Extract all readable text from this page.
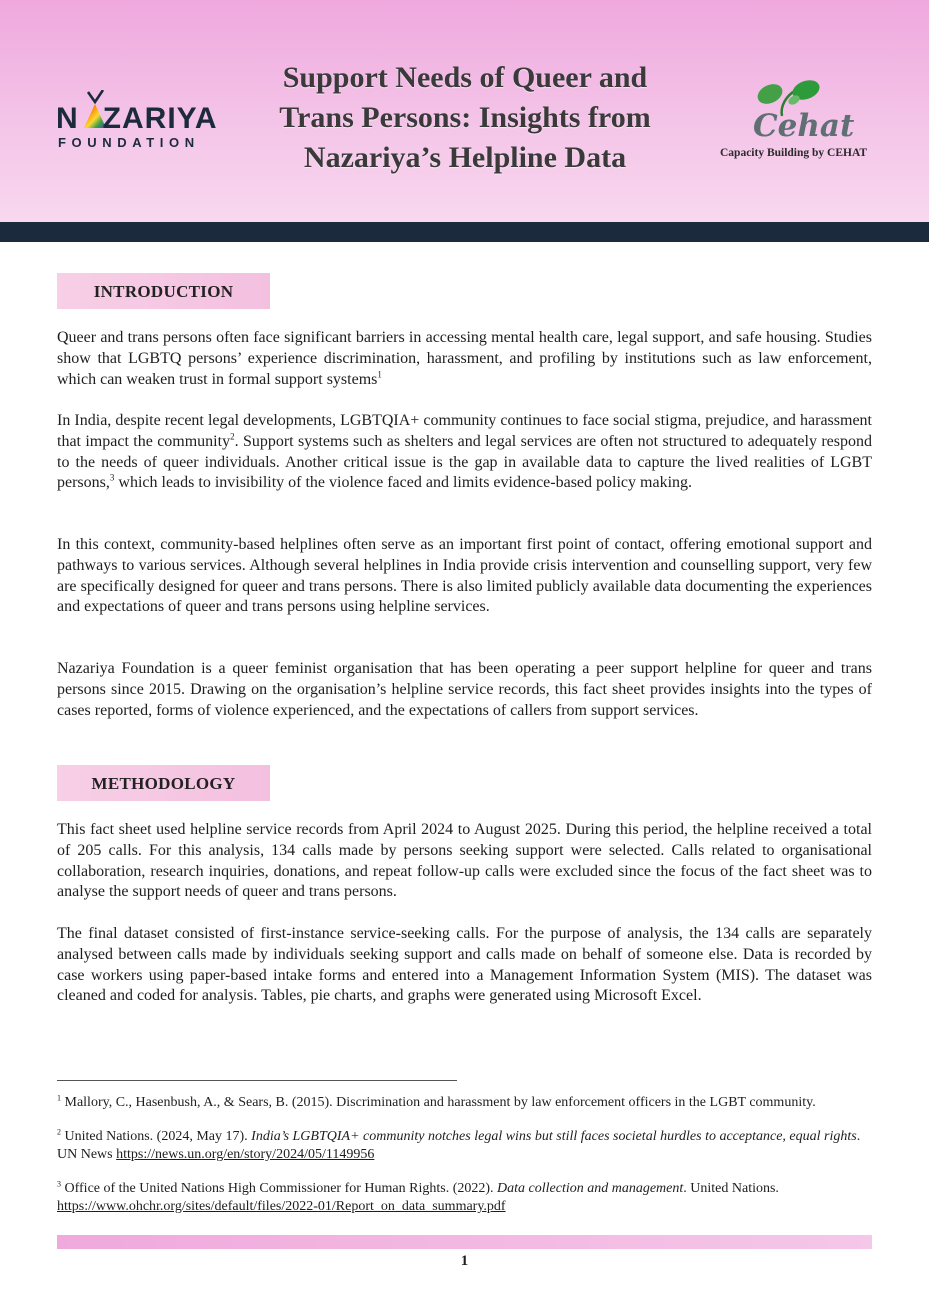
N ZARIYA
FOUNDATION
Support Needs of Queer and
Trans Persons: Insights from
Nazariya’s Helpline Data
Cehat
Capacity Building by CEHAT
INTRODUCTION

Queer and trans persons often face significant barriers in accessing mental health care, legal support, and safe housing. Studies show that LGBTQ persons’ experience discrimination, harassment, and profiling by institutions such as law enforcement, which can weaken trust in formal support systems$^1$

In India, despite recent legal developments, LGBTQIA+ community continues to face social stigma, prejudice, and harassment that impact the community$^2$. Support systems such as shelters and legal services are often not structured to adequately respond to the needs of queer individuals. Another critical issue is the gap in available data to capture the lived realities of LGBT persons,$^3$ which leads to invisibility of the violence faced and limits evidence-based policy making.

In this context, community-based helplines often serve as an important first point of contact, offering emotional support and pathways to various services. Although several helplines in India provide crisis intervention and counselling support, very few are specifically designed for queer and trans persons. There is also limited publicly available data documenting the experiences and expectations of queer and trans persons using helpline services.

Nazariya Foundation is a queer feminist organisation that has been operating a peer support helpline for queer and trans persons since 2015. Drawing on the organisation’s helpline service records, this fact sheet provides insights into the types of cases reported, forms of violence experienced, and the expectations of callers from support services.

METHODOLOGY

This fact sheet used helpline service records from April 2024 to August 2025. During this period, the helpline received a total of 205 calls. For this analysis, 134 calls made by persons seeking support were selected. Calls related to organisational collaboration, research inquiries, donations, and repeat follow-up calls were excluded since the focus of the fact sheet was to analyse the support needs of queer and trans persons.

The final dataset consisted of first-instance service-seeking calls. For the purpose of analysis, the 134 calls are separately analysed between calls made by individuals seeking support and calls made on behalf of someone else. Data is recorded by case workers using paper-based intake forms and entered into a Management Information System (MIS). The dataset was cleaned and coded for analysis. Tables, pie charts, and graphs were generated using Microsoft Excel.

$^1$ Mallory, C., Hasenbush, A., & Sears, B. (2015). Discrimination and harassment by law enforcement officers in the LGBT community.

$^2$ United Nations. (2024, May 17). India’s LGBTQIA+ community notches legal wins but still faces societal hurdles to acceptance, equal rights. UN News https://news.un.org/en/story/2024/05/1149956

$^3$ Office of the United Nations High Commissioner for Human Rights. (2022). Data collection and management. United Nations.
https://www.ohchr.org/sites/default/files/2022-01/Report_on_data_summary.pdf

1
